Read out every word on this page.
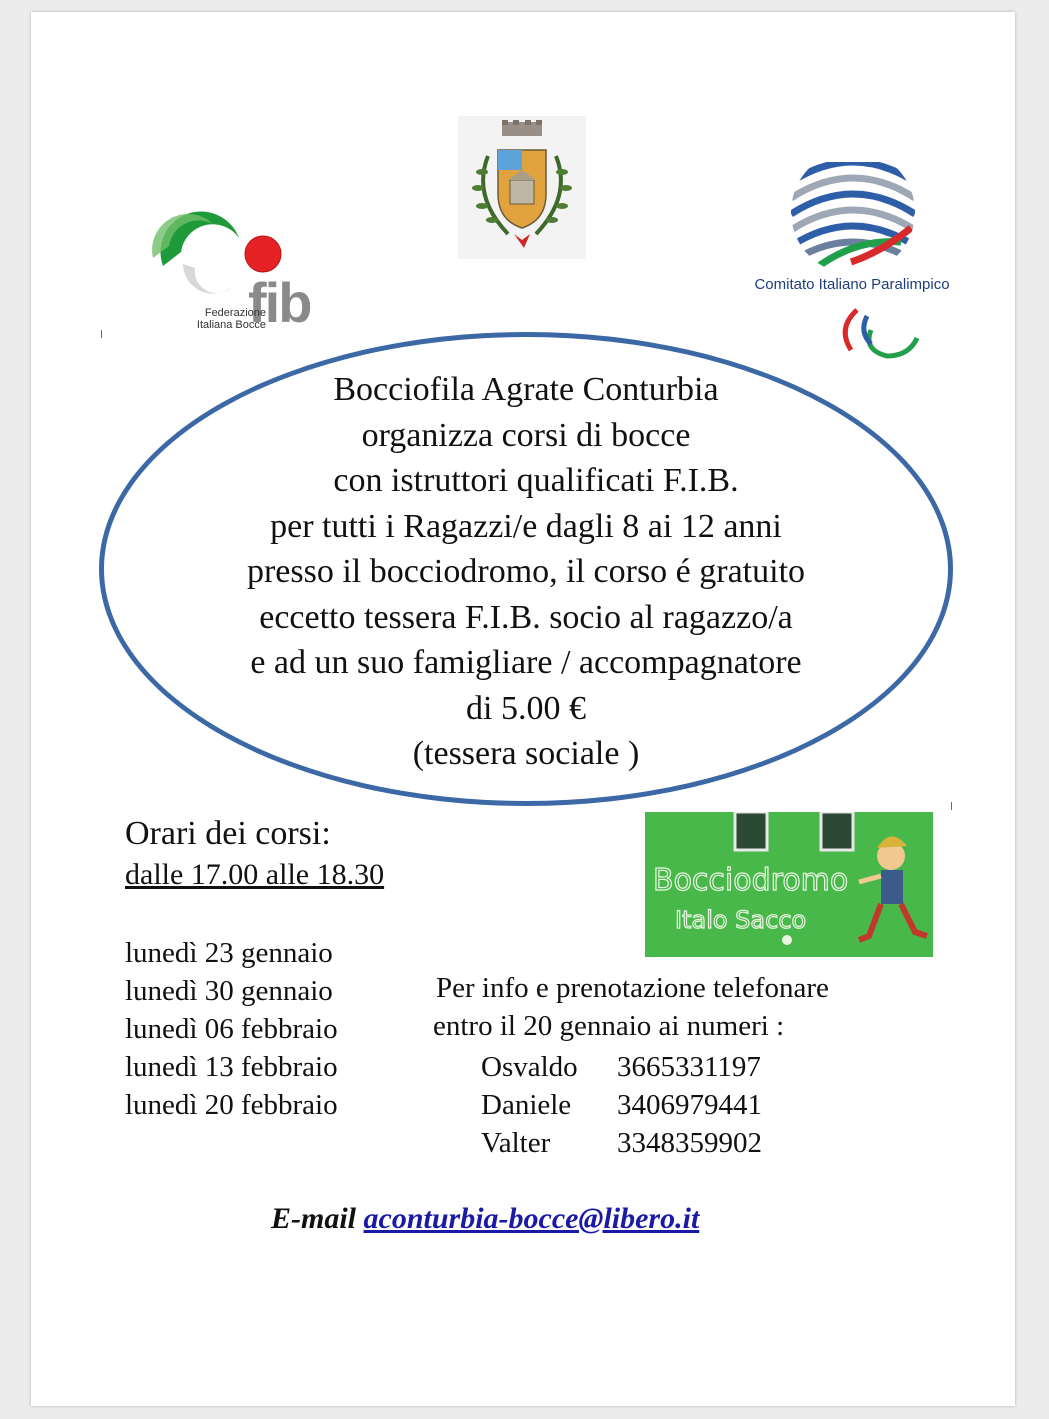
fib
Federazione
Italiana Bocce
Comitato Italiano Paralimpico
Bocciofila Agrate Conturbia
organizza corsi di bocce
con istruttori qualificati F.I.B.
per tutti i Ragazzi/e dagli 8 ai 12 anni
presso il bocciodromo, il corso é gratuito
eccetto tessera F.I.B. socio al ragazzo/a
e ad un suo famigliare / accompagnatore
di 5.00 €
(tessera sociale )
Orari dei corsi:
dalle 17.00 alle 18.30
lunedì 23 gennaio
lunedì 30 gennaio
lunedì 06 febbraio
lunedì 13 febbraio
lunedì 20 febbraio
Bocciodromo
Italo Sacco
Per info e prenotazione telefonare
entro il 20 gennaio ai numeri :
Osvaldo	3665331197
Daniele	3406979441
Valter	3348359902
E-mail aconturbia-bocce@libero.it
